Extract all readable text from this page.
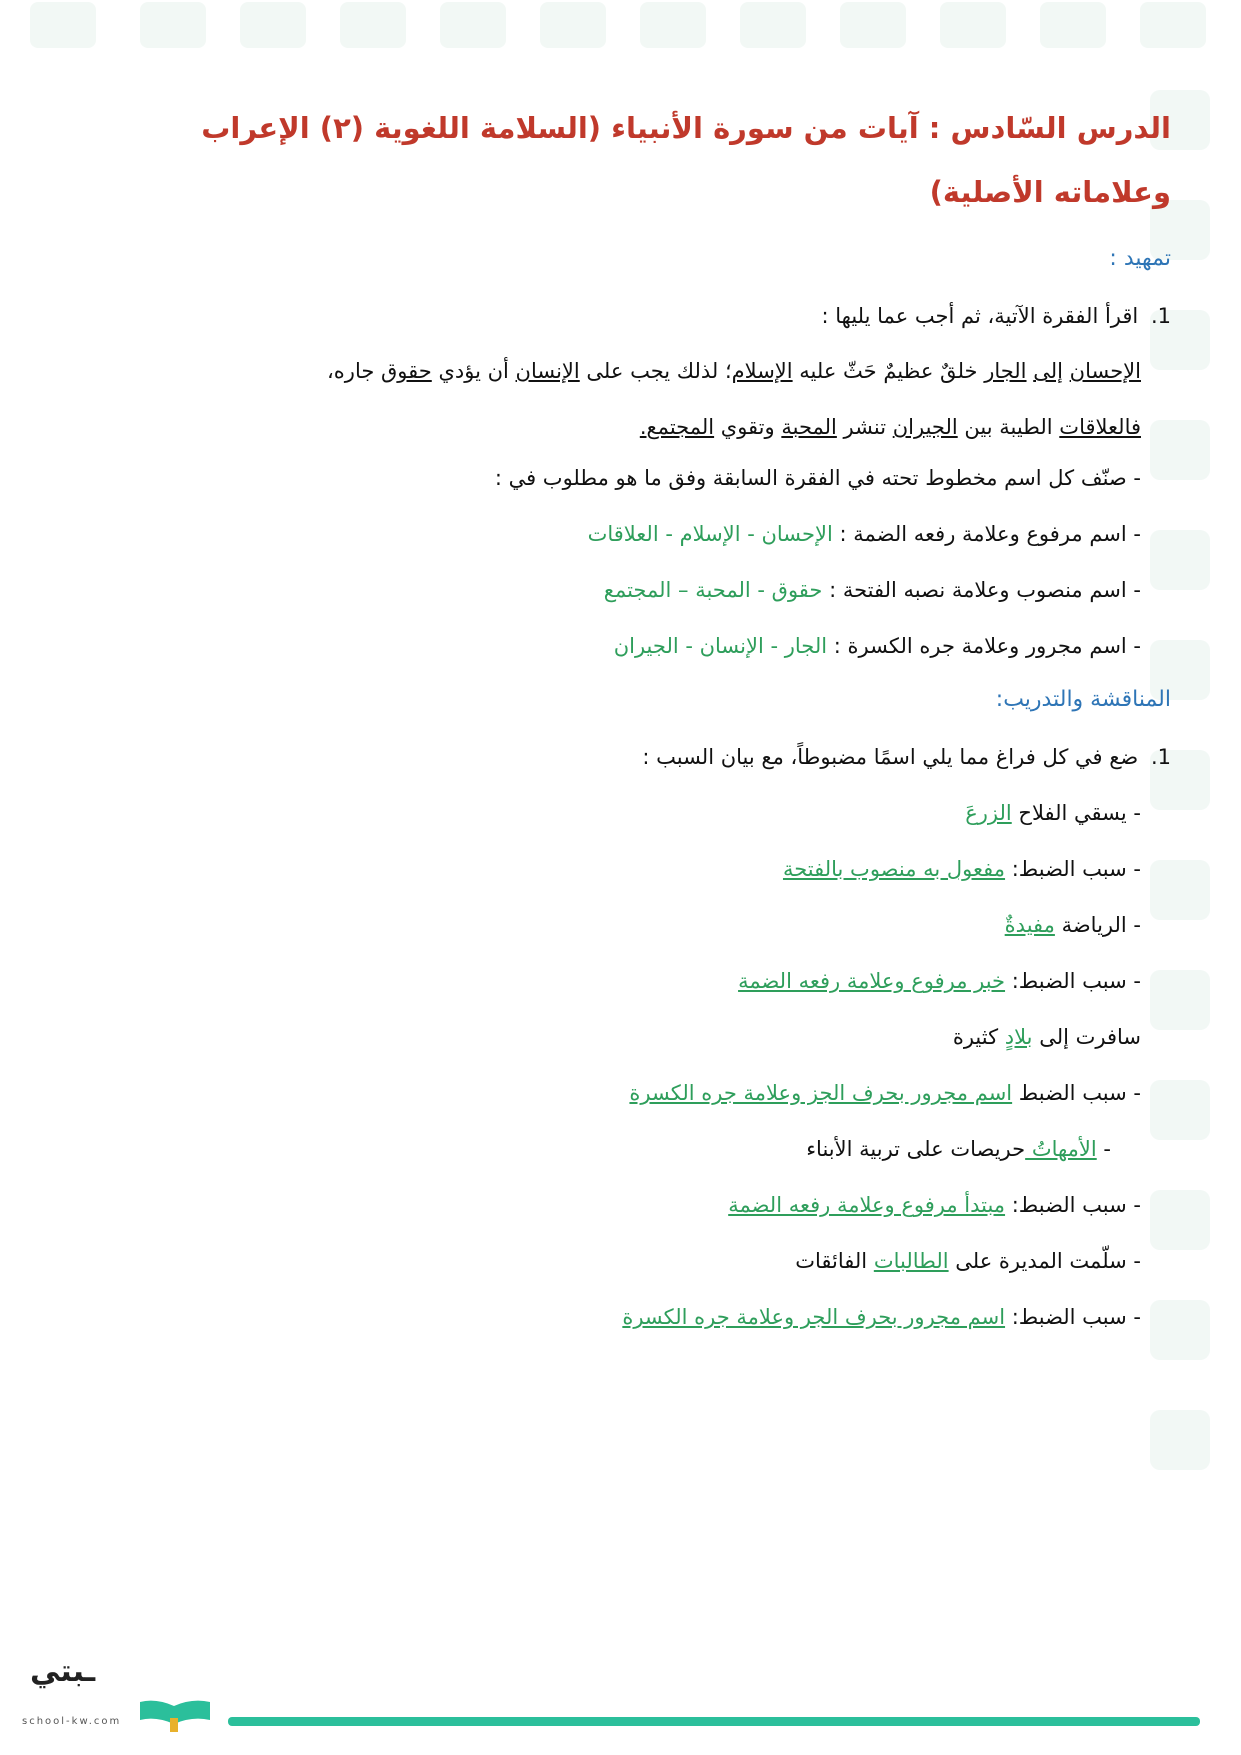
الدرس السّادس : آيات من سورة الأنبياء (السلامة اللغوية (٢) الإعراب وعلاماته الأصلية)
تمهيد :
1. اقرأ الفقرة الآتية، ثم أجب عما يليها :
الإحسان إلى الجار خلقٌ عظيمٌ حَثّ عليه الإسلام؛ لذلك يجب على الإنسان أن يؤدي حقوق جاره،
فالعلاقات الطيبة بين الجيران تنشر المحبة وتقوي المجتمع.
- صنّف كل اسم مخطوط تحته في الفقرة السابقة وفق ما هو مطلوب في :
- اسم مرفوع وعلامة رفعه الضمة : الإحسان - الإسلام - العلاقات
- اسم منصوب وعلامة نصبه الفتحة : حقوق - المحبة – المجتمع
- اسم مجرور وعلامة جره الكسرة : الجار - الإنسان - الجيران
المناقشة والتدريب:
1. ضع في كل فراغ مما يلي اسمًا مضبوطاً، مع بيان السبب :
- يسقي الفلاح الزرعَ
- سبب الضبط: مفعول به منصوب بالفتحة
- الرياضة مفيدةٌ
- سبب الضبط: خبر مرفوع وعلامة رفعه الضمة
سافرت إلى بلادٍ كثيرة
- سبب الضبط اسم مجرور بحرف الجز وعلامة جره الكسرة
- الأمهاتُ حريصات على تربية الأبناء
- سبب الضبط: مبتدأ مرفوع وعلامة رفعه الضمة
- سلّمت المديرة على الطالبات الفائقات
- سبب الضبط: اسم مجرور بحرف الجر وعلامة جره الكسرة
ـبتي
school-kw.com
